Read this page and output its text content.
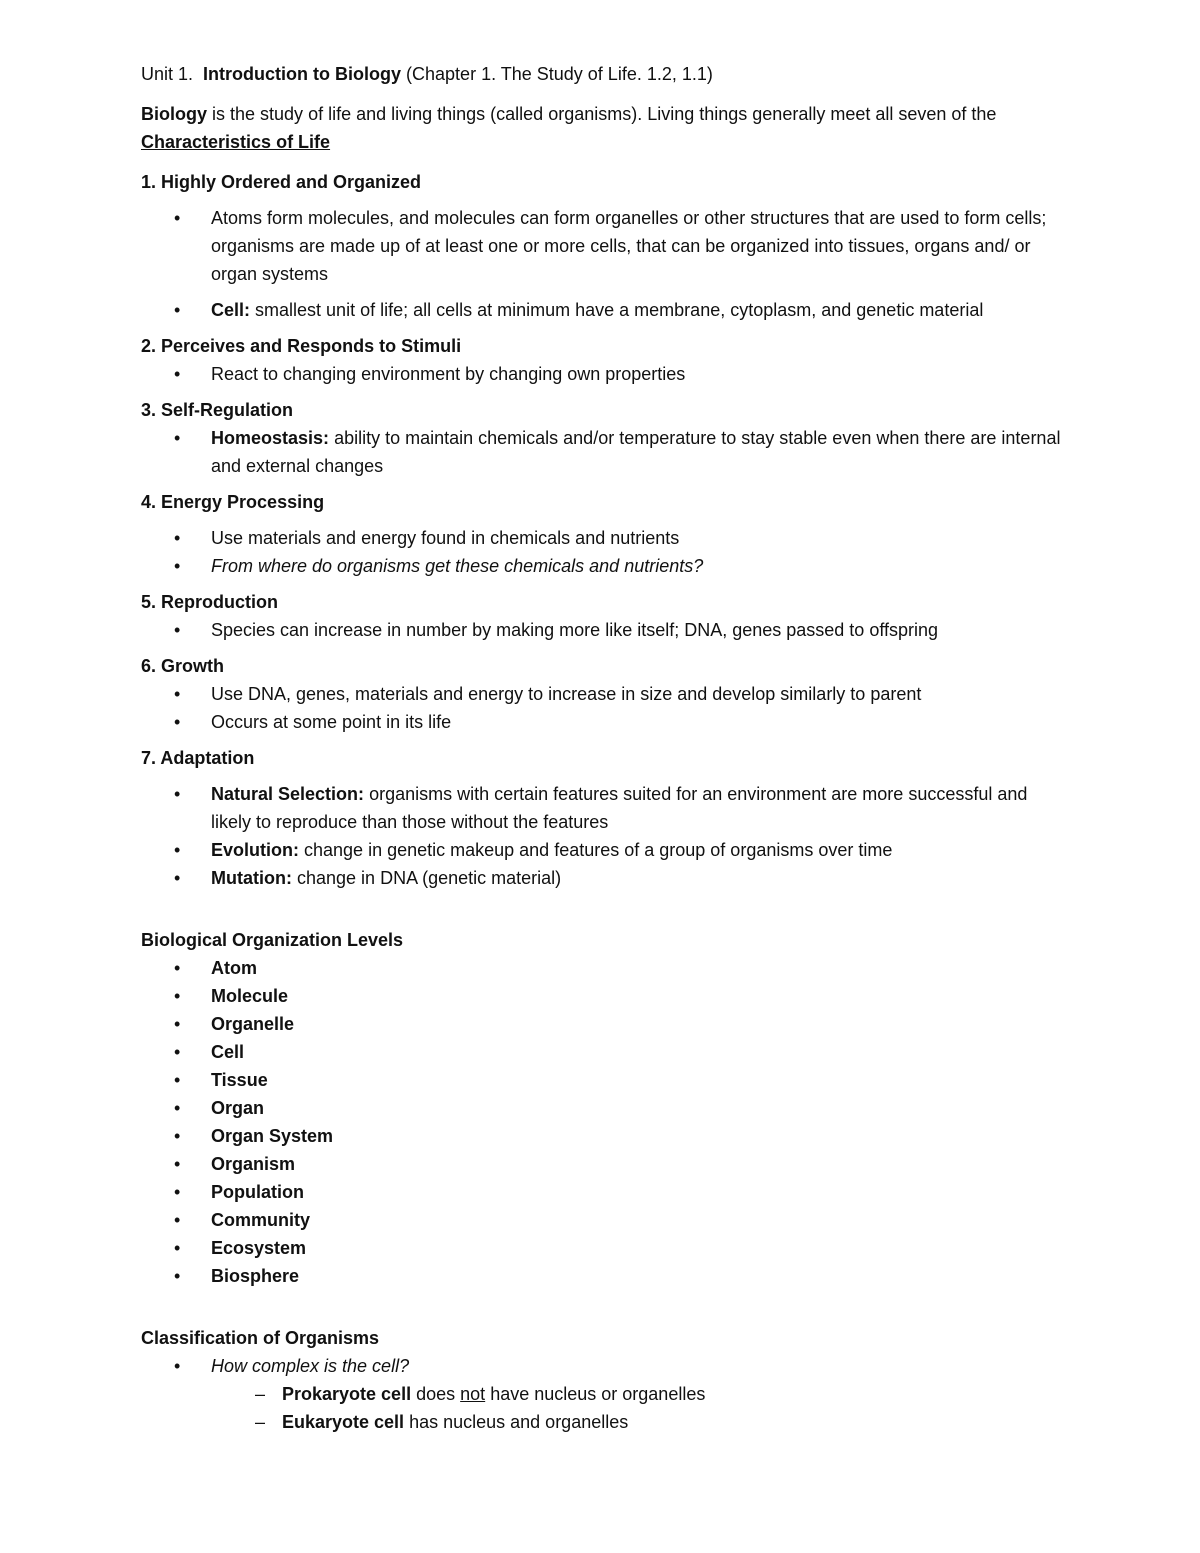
Unit 1. Introduction to Biology (Chapter 1. The Study of Life. 1.2, 1.1)

Biology is the study of life and living things (called organisms). Living things generally meet all seven of the Characteristics of Life

1. Highly Ordered and Organized

• Atoms form molecules, and molecules can form organelles or other structures that are used to form cells; organisms are made up of at least one or more cells, that can be organized into tissues, organs and/ or organ systems

• Cell: smallest unit of life; all cells at minimum have a membrane, cytoplasm, and genetic material

2. Perceives and Responds to Stimuli

• React to changing environment by changing own properties

3. Self-Regulation

• Homeostasis: ability to maintain chemicals and/or temperature to stay stable even when there are internal and external changes

4. Energy Processing

• Use materials and energy found in chemicals and nutrients

• From where do organisms get these chemicals and nutrients?

5. Reproduction

• Species can increase in number by making more like itself; DNA, genes passed to offspring

6. Growth

• Use DNA, genes, materials and energy to increase in size and develop similarly to parent

• Occurs at some point in its life

7. Adaptation

• Natural Selection: organisms with certain features suited for an environment are more successful and likely to reproduce than those without the features

• Evolution: change in genetic makeup and features of a group of organisms over time

• Mutation: change in DNA (genetic material)

Biological Organization Levels

• Atom

• Molecule

• Organelle

• Cell

• Tissue

• Organ

• Organ System

• Organism

• Population

• Community

• Ecosystem

• Biosphere

Classification of Organisms

• How complex is the cell?

– Prokaryote cell does not have nucleus or organelles

– Eukaryote cell has nucleus and organelles
